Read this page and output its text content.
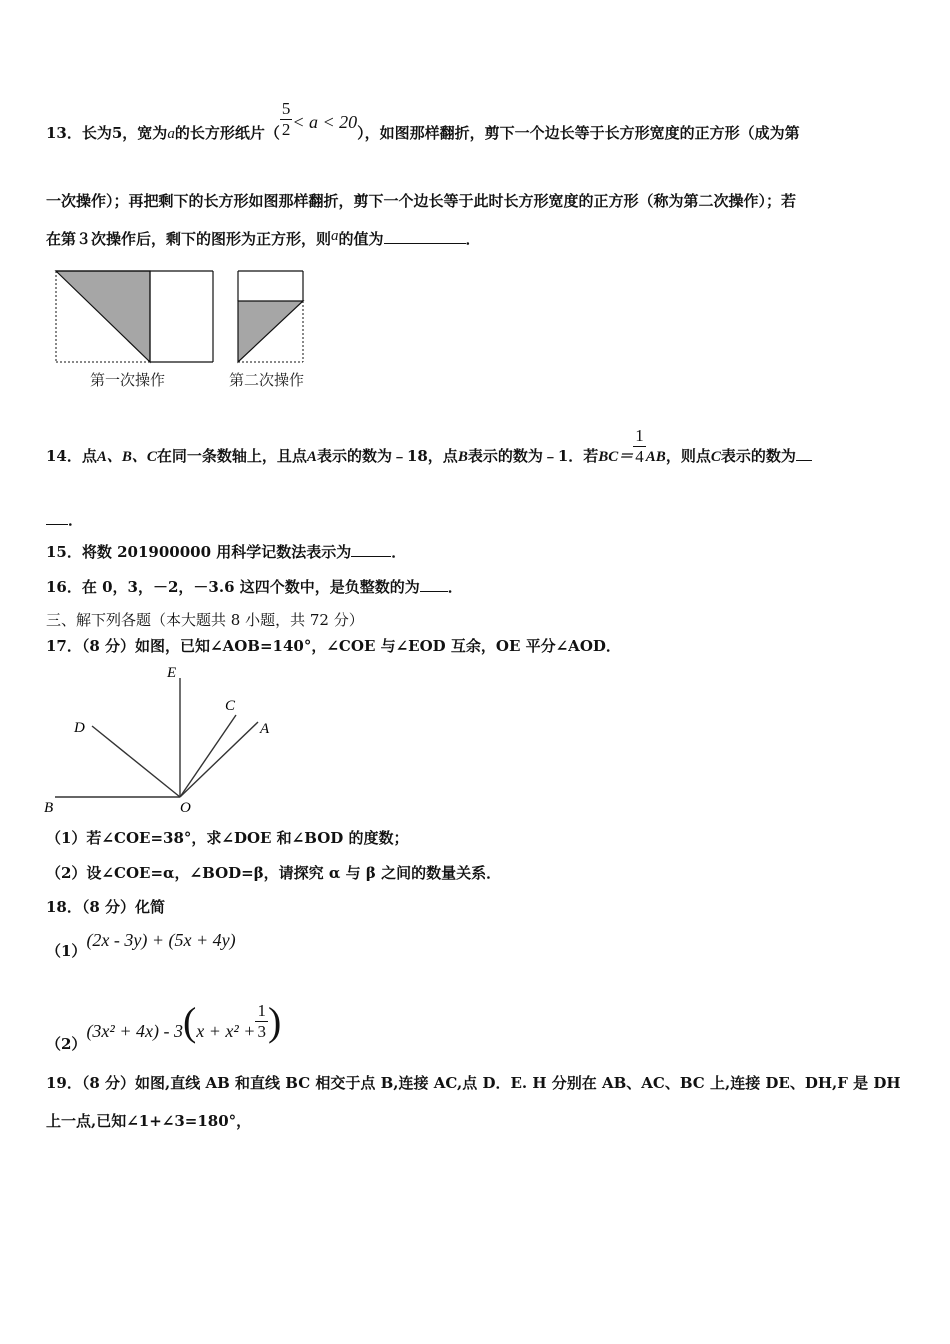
13．长为5，宽为a的长方形纸片（ $\frac{5}{2} < a < 20$），如图那样翻折，剪下一个边长等于长方形宽度的正方形（成为第
一次操作）；再把剩下的长方形如图那样翻折，剪下一个边长等于此时长方形宽度的正方形（称为第二次操作）；若
在第３次操作后，剩下的图形为正方形，则a的值为	．
第一次操作	第二次操作
14．点A、B、C在同一条数轴上，且点A表示的数为﹣18，点B表示的数为﹣1．若$BC= \frac{1}{4}$ AB，则点C表示的数为
．
15．将数 201900000 用科学记数法表示为	．
16．在 0，3，－2，－3.6 这四个数中，是负整数的为 ．
三、解下列各题（本大题共 8 小题，共 72 分）
17．（8 分）如图，已知∠AOB=140°，∠COE 与∠EOD 互余，OE 平分∠AOD．
E
C
A
D
B	O
（1）若∠COE=38°，求∠DOE 和∠BOD 的度数；
（2）设∠COE=α，∠BOD=β，请探究 α 与 β 之间的数量关系．
18．（8 分）化简
（1）(2x - 3y) + (5x + 4y)
$(2)(3x^2 + 4x) - 3(x + x^2 + \frac{1}{3}$ )
19．（8 分）如图,直线 AB 和直线 BC 相交于点 B,连接 AC,点 D．E. H 分别在 AB、AC、BC 上,连接 DE、DH,F 是 DH
上一点,已知∠1+∠3=180°，
